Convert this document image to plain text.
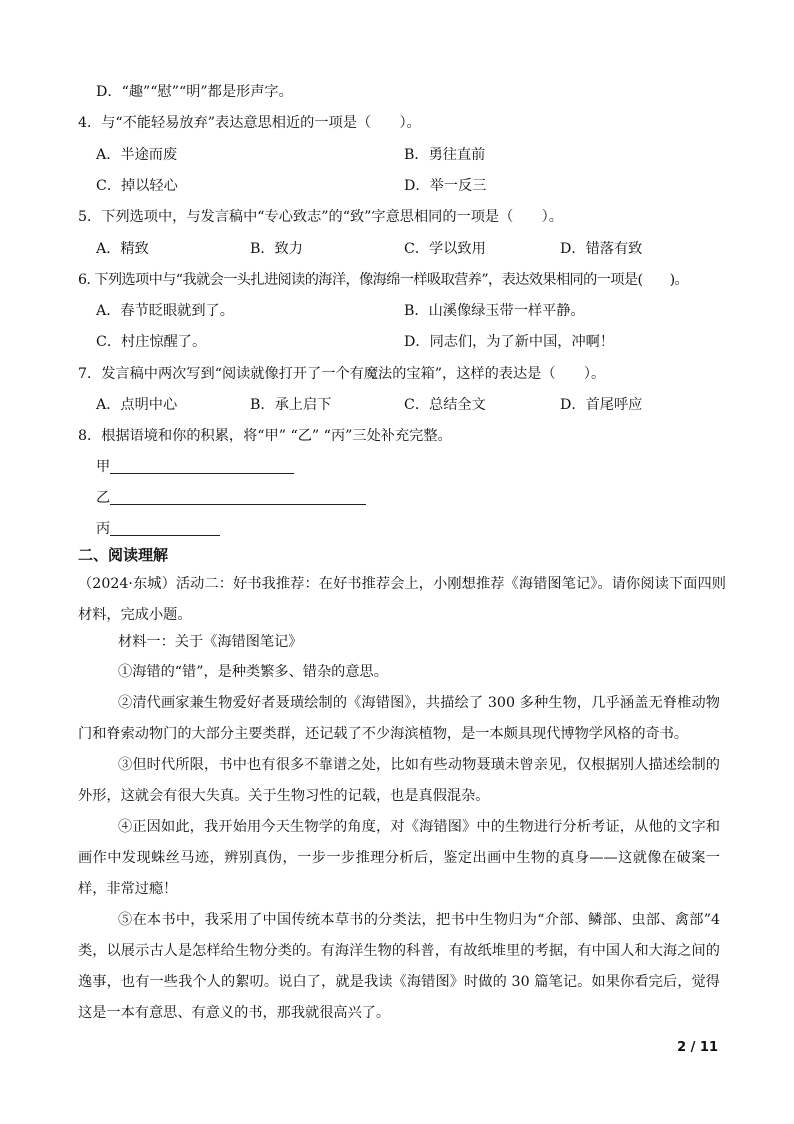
D．“趣”“慰”“明”都是形声字。
4．与“不能轻易放弃”表达意思相近的一项是（　　）。
A．半途而废	B．勇往直前
C．掉以轻心	D．举一反三
5．下列选项中，与发言稿中“专心致志”的“致”字意思相同的一项是（　　）。
A．精致	B．致力	C．学以致用	D．错落有致
6. 下列选项中与“我就会一头扎进阅读的海洋，像海绵一样吸取营养”，表达效果相同的一项是(　　)。
A．春节眨眼就到了。	B．山溪像绿玉带一样平静。
C．村庄惊醒了。	D．同志们，为了新中国，冲啊！
7．发言稿中两次写到“阅读就像打开了一个有魔法的宝箱”，这样的表达是（　　）。
A．点明中心	B．承上启下	C．总结全文	D．首尾呼应
8．根据语境和你的积累，将“甲” “乙” “丙”三处补充完整。
甲
乙
丙
二、阅读理解
（2024·东城）活动二：好书我推荐：在好书推荐会上，小刚想推荐《海错图笔记》。请你阅读下面四则材料，完成小题。
材料一：关于《海错图笔记》
①海错的“错”，是种类繁多、错杂的意思。
②清代画家兼生物爱好者聂璜绘制的《海错图》，共描绘了 300 多种生物，几乎涵盖无脊椎动物门和脊索动物门的大部分主要类群，还记载了不少海滨植物，是一本颇具现代博物学风格的奇书。
③但时代所限，书中也有很多不靠谱之处，比如有些动物聂璜未曾亲见，仅根据别人描述绘制的外形，这就会有很大失真。关于生物习性的记载，也是真假混杂。
④正因如此，我开始用今天生物学的角度，对《海错图》中的生物进行分析考证，从他的文字和画作中发现蛛丝马迹，辨别真伪，一步一步推理分析后，鉴定出画中生物的真身——这就像在破案一样，非常过瘾！
⑤在本书中，我采用了中国传统本草书的分类法，把书中生物归为“介部、鳞部、虫部、禽部”4 类，以展示古人是怎样给生物分类的。有海洋生物的科普，有故纸堆里的考据，有中国人和大海之间的逸事，也有一些我个人的絮叨。说白了，就是我读《海错图》时做的 30 篇笔记。如果你看完后，觉得这是一本有意思、有意义的书，那我就很高兴了。
2 / 11
